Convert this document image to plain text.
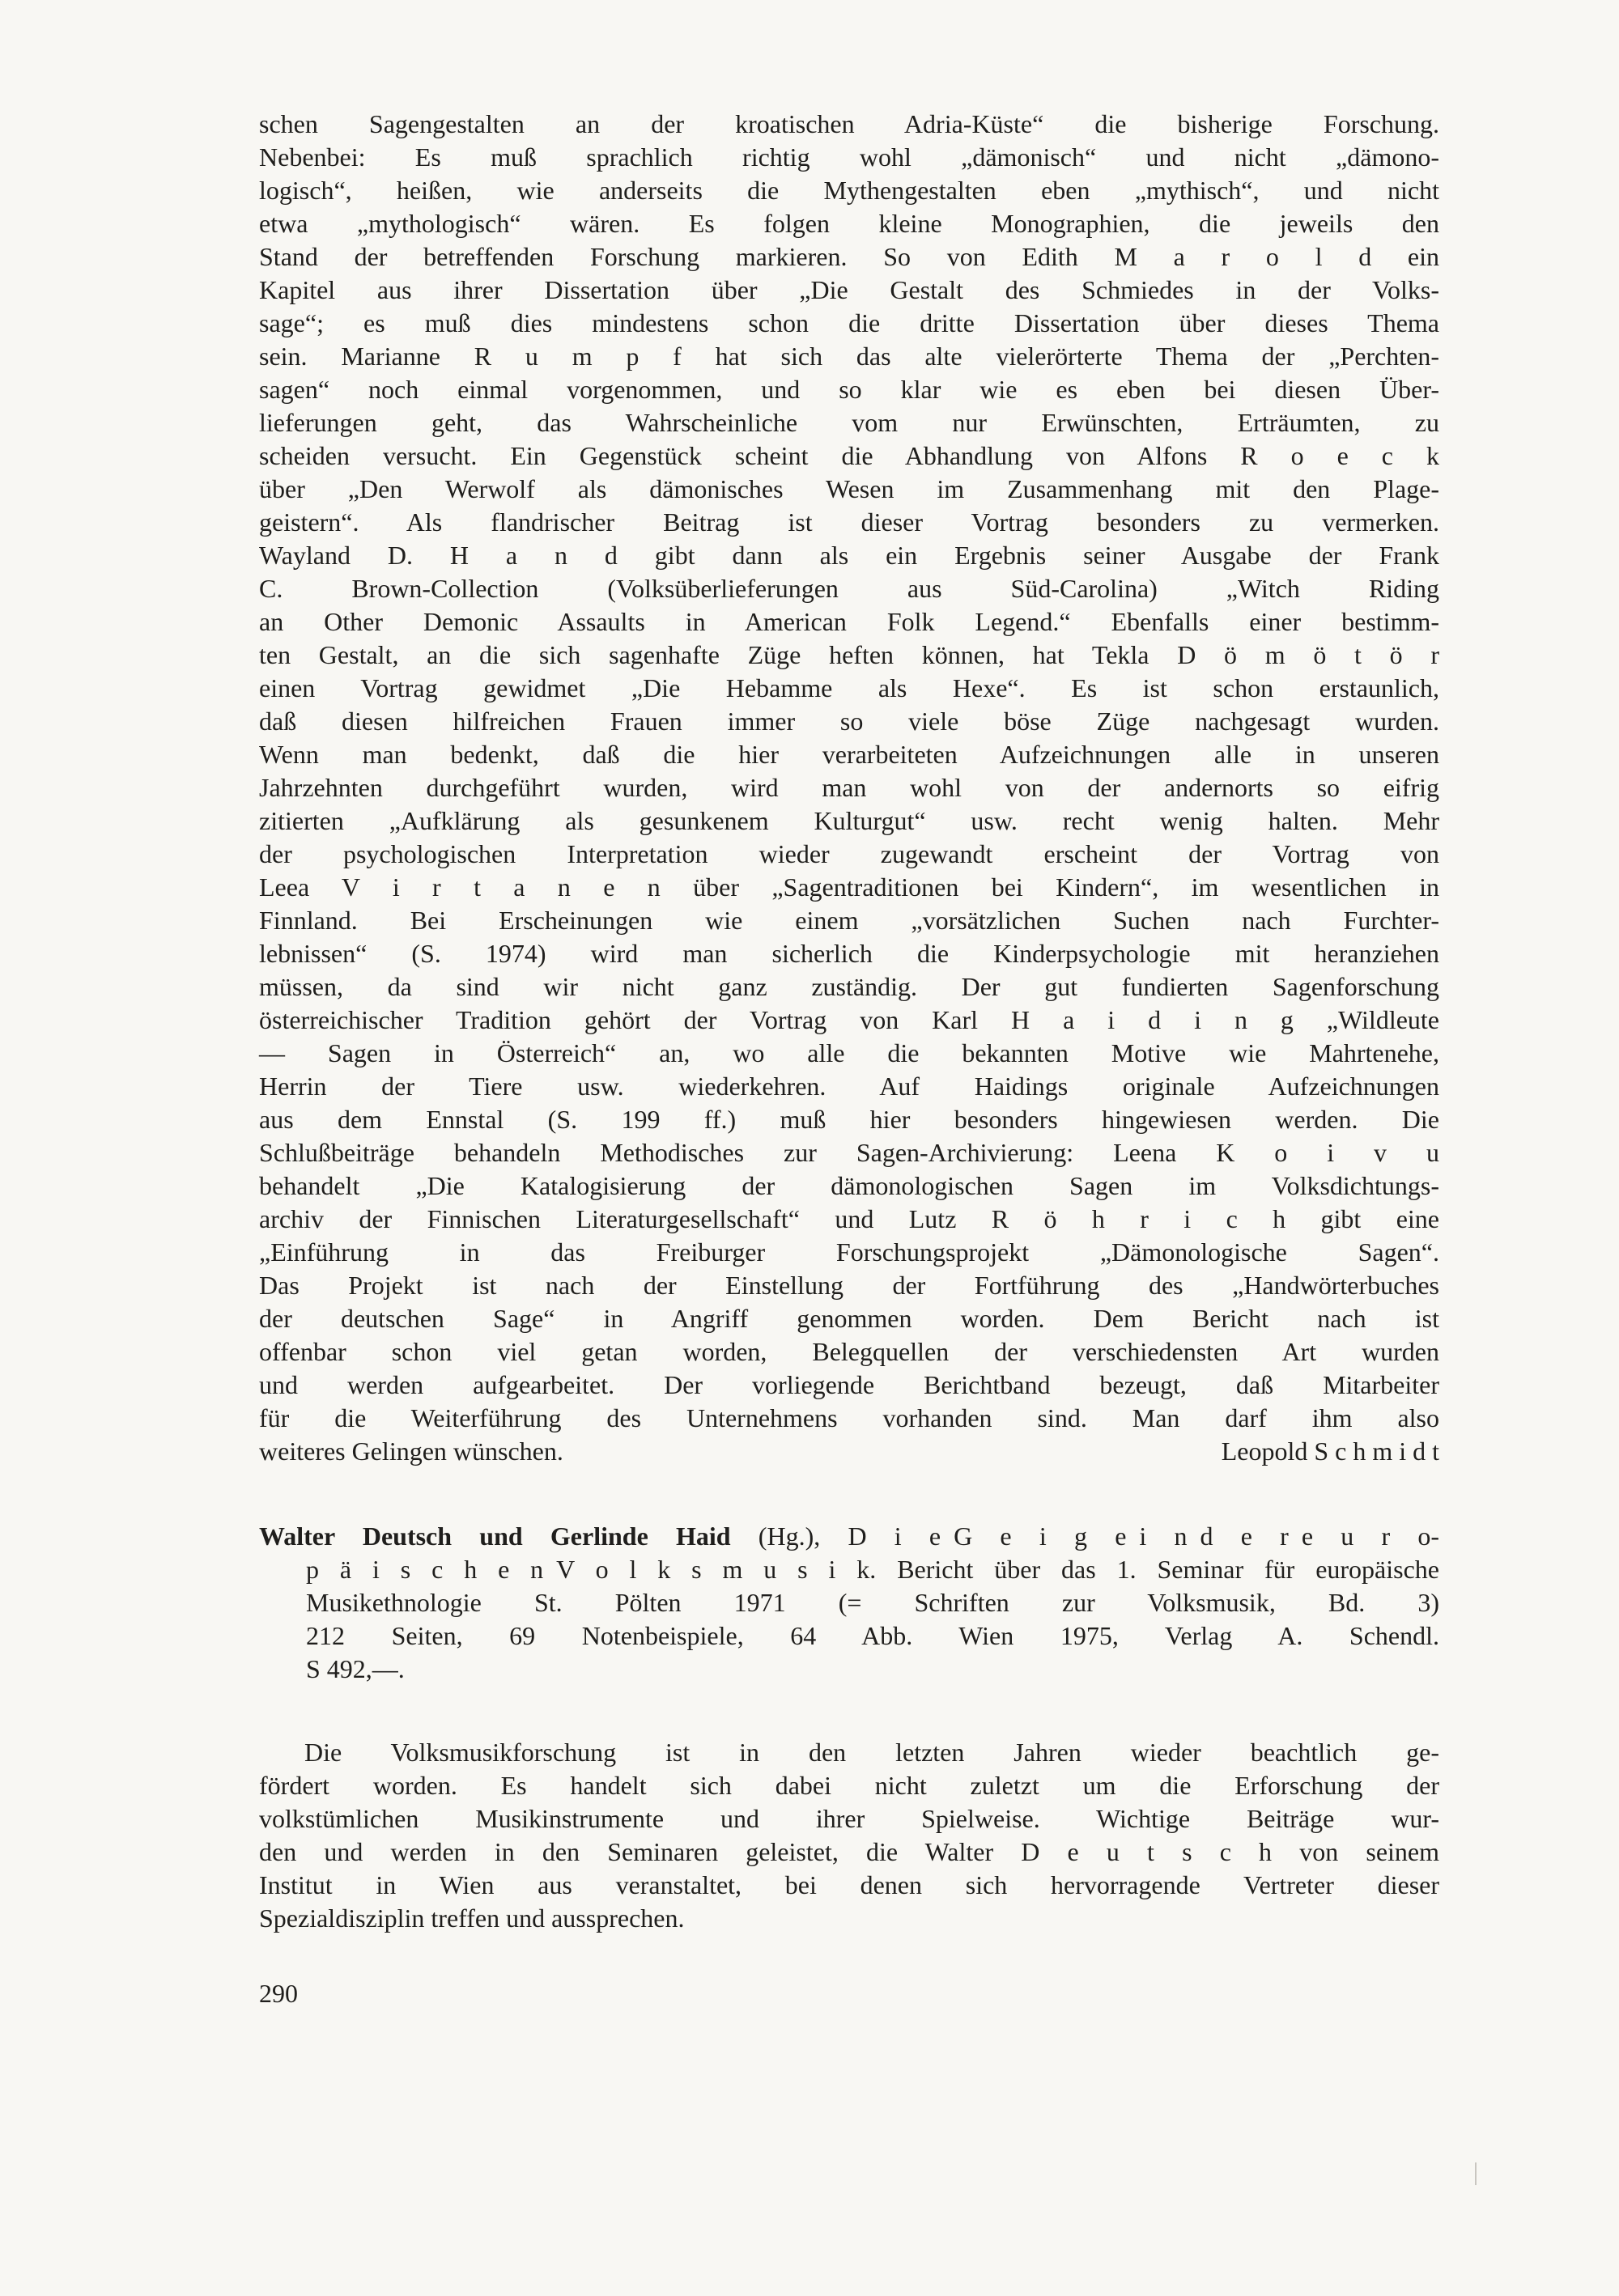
schen Sagengestalten an der kroatischen Adria-Küste“ die bisherige Forschung.
Nebenbei: Es muß sprachlich richtig wohl „dämonisch“ und nicht „dämono-
logisch“, heißen, wie anderseits die Mythengestalten eben „mythisch“, und nicht
etwa „mythologisch“ wären. Es folgen kleine Monographien, die jeweils den
Stand der betreffenden Forschung markieren. So von Edith M a r o l d ein
Kapitel aus ihrer Dissertation über „Die Gestalt des Schmiedes in der Volks-
sage“; es muß dies mindestens schon die dritte Dissertation über dieses Thema
sein. Marianne R u m p f hat sich das alte vielerörterte Thema der „Perchten-
sagen“ noch einmal vorgenommen, und so klar wie es eben bei diesen Über-
lieferungen geht, das Wahrscheinliche vom nur Erwünschten, Erträumten, zu
scheiden versucht. Ein Gegenstück scheint die Abhandlung von Alfons R o e c k
über „Den Werwolf als dämonisches Wesen im Zusammenhang mit den Plage-
geistern“. Als flandrischer Beitrag ist dieser Vortrag besonders zu vermerken.
Wayland D. H a n d gibt dann als ein Ergebnis seiner Ausgabe der Frank
C. Brown-Collection (Volksüberlieferungen aus Süd-Carolina) „Witch Riding
an Other Demonic Assaults in American Folk Legend.“ Ebenfalls einer bestimm-
ten Gestalt, an die sich sagenhafte Züge heften können, hat Tekla D ö m ö t ö r
einen Vortrag gewidmet „Die Hebamme als Hexe“. Es ist schon erstaunlich,
daß diesen hilfreichen Frauen immer so viele böse Züge nachgesagt wurden.
Wenn man bedenkt, daß die hier verarbeiteten Aufzeichnungen alle in unseren
Jahrzehnten durchgeführt wurden, wird man wohl von der andernorts so eifrig
zitierten „Aufklärung als gesunkenem Kulturgut“ usw. recht wenig halten. Mehr
der psychologischen Interpretation wieder zugewandt erscheint der Vortrag von
Leea V i r t a n e n über „Sagentraditionen bei Kindern“, im wesentlichen in
Finnland. Bei Erscheinungen wie einem „vorsätzlichen Suchen nach Furchter-
lebnissen“ (S. 1974) wird man sicherlich die Kinderpsychologie mit heranziehen
müssen, da sind wir nicht ganz zuständig. Der gut fundierten Sagenforschung
österreichischer Tradition gehört der Vortrag von Karl H a i d i n g „Wildleute
— Sagen in Österreich“ an, wo alle die bekannten Motive wie Mahrtenehe,
Herrin der Tiere usw. wiederkehren. Auf Haidings originale Aufzeichnungen
aus dem Ennstal (S. 199 ff.) muß hier besonders hingewiesen werden. Die
Schlußbeiträge behandeln Methodisches zur Sagen-Archivierung: Leena K o i v u
behandelt „Die Katalogisierung der dämonologischen Sagen im Volksdichtungs-
archiv der Finnischen Literaturgesellschaft“ und Lutz R ö h r i c h gibt eine
„Einführung in das Freiburger Forschungsprojekt „Dämonologische Sagen“.
Das Projekt ist nach der Einstellung der Fortführung des „Handwörterbuches
der deutschen Sage“ in Angriff genommen worden. Dem Bericht nach ist
offenbar schon viel getan worden, Belegquellen der verschiedensten Art wurden
und werden aufgearbeitet. Der vorliegende Berichtband bezeugt, daß Mitarbeiter
für die Weiterführung des Unternehmens vorhanden sind. Man darf ihm also
weiteres Gelingen wünschen.	Leopold S c h m i d t
Walter Deutsch und Gerlinde Haid (Hg.), D i e G e i g e i n d e r e u r o-
p ä i s c h e n V o l k s m u s i k. Bericht über das 1. Seminar für europäische
Musikethnologie St. Pölten 1971 (= Schriften zur Volksmusik, Bd. 3)
212 Seiten, 69 Notenbeispiele, 64 Abb. Wien 1975, Verlag A. Schendl.
S 492,—.
Die Volksmusikforschung ist in den letzten Jahren wieder beachtlich ge-
fördert worden. Es handelt sich dabei nicht zuletzt um die Erforschung der
volkstümlichen Musikinstrumente und ihrer Spielweise. Wichtige Beiträge wur-
den und werden in den Seminaren geleistet, die Walter D e u t s c h von seinem
Institut in Wien aus veranstaltet, bei denen sich hervorragende Vertreter dieser
Spezialdisziplin treffen und aussprechen.
290
